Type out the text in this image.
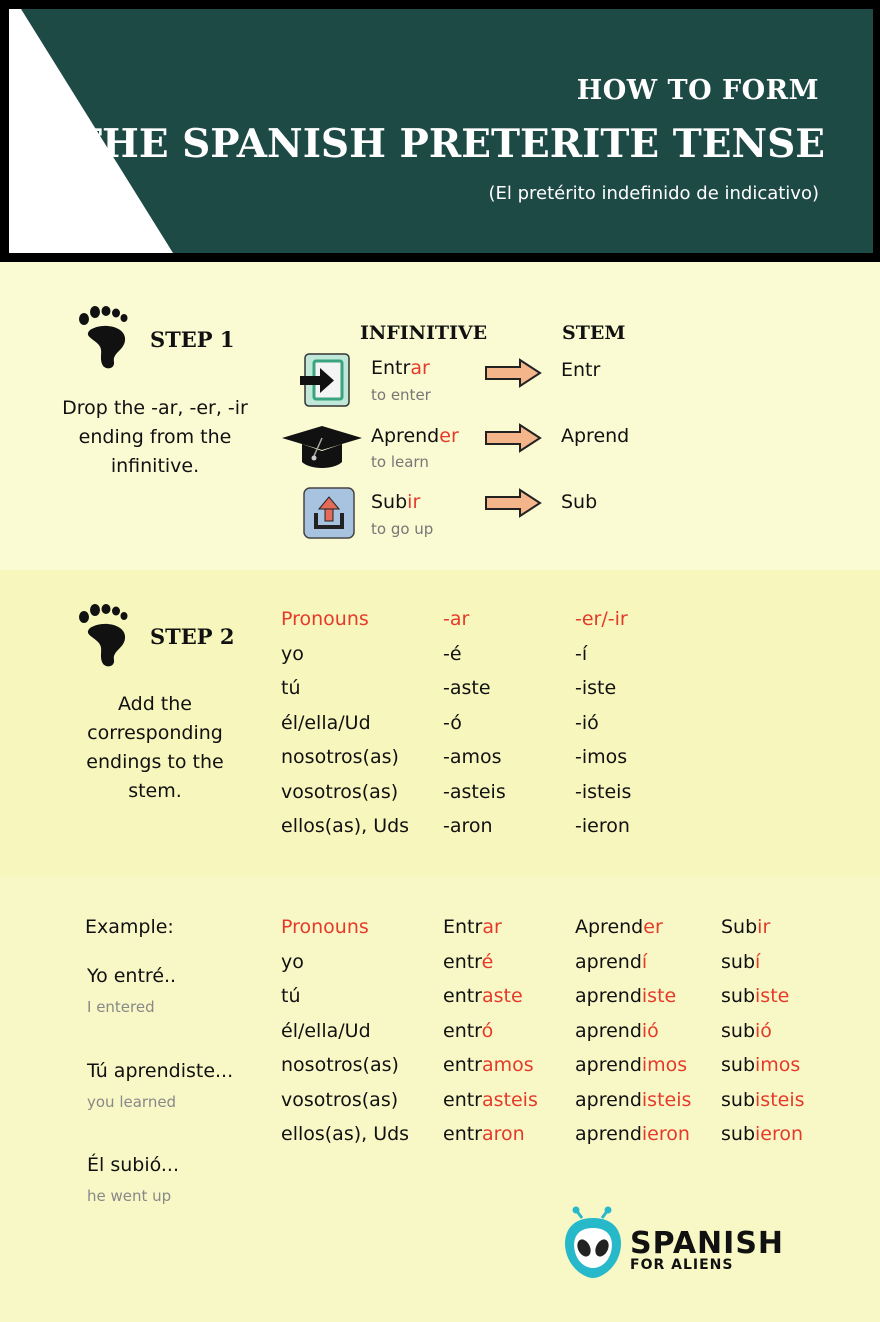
HOW TO FORM
THE SPANISH PRETERITE TENSE
(El pretérito indefinido de indicativo)
STEP 1
Drop the -ar, -er, -ir ending from the infinitive.
INFINITIVE	STEM
Entrar
to enter
Entr
Aprender
to learn
Aprend
Subir
to go up
Sub
STEP 2
Add the corresponding endings to the stem.
Pronouns
yo
tú
él/ella/Ud
nosotros(as)
vosotros(as)
ellos(as), Uds
-ar
-é
-aste
-ó
-amos
-asteis
-aron
-er/-ir
-í
-iste
-ió
-imos
-isteis
-ieron
Example:
Yo entré..
I entered
Tú aprendiste...
you learned
Él subió...
he went up
Pronouns
yo
tú
él/ella/Ud
nosotros(as)
vosotros(as)
ellos(as), Uds
Entrar
entré
entraste
entró
entramos
entrasteis
entraron
Aprender
aprendí
aprendiste
aprendió
aprendimos
aprendisteis
aprendieron
Subir
subí
subiste
subió
subimos
subisteis
subieron
SPANISH
FOR ALIENS
